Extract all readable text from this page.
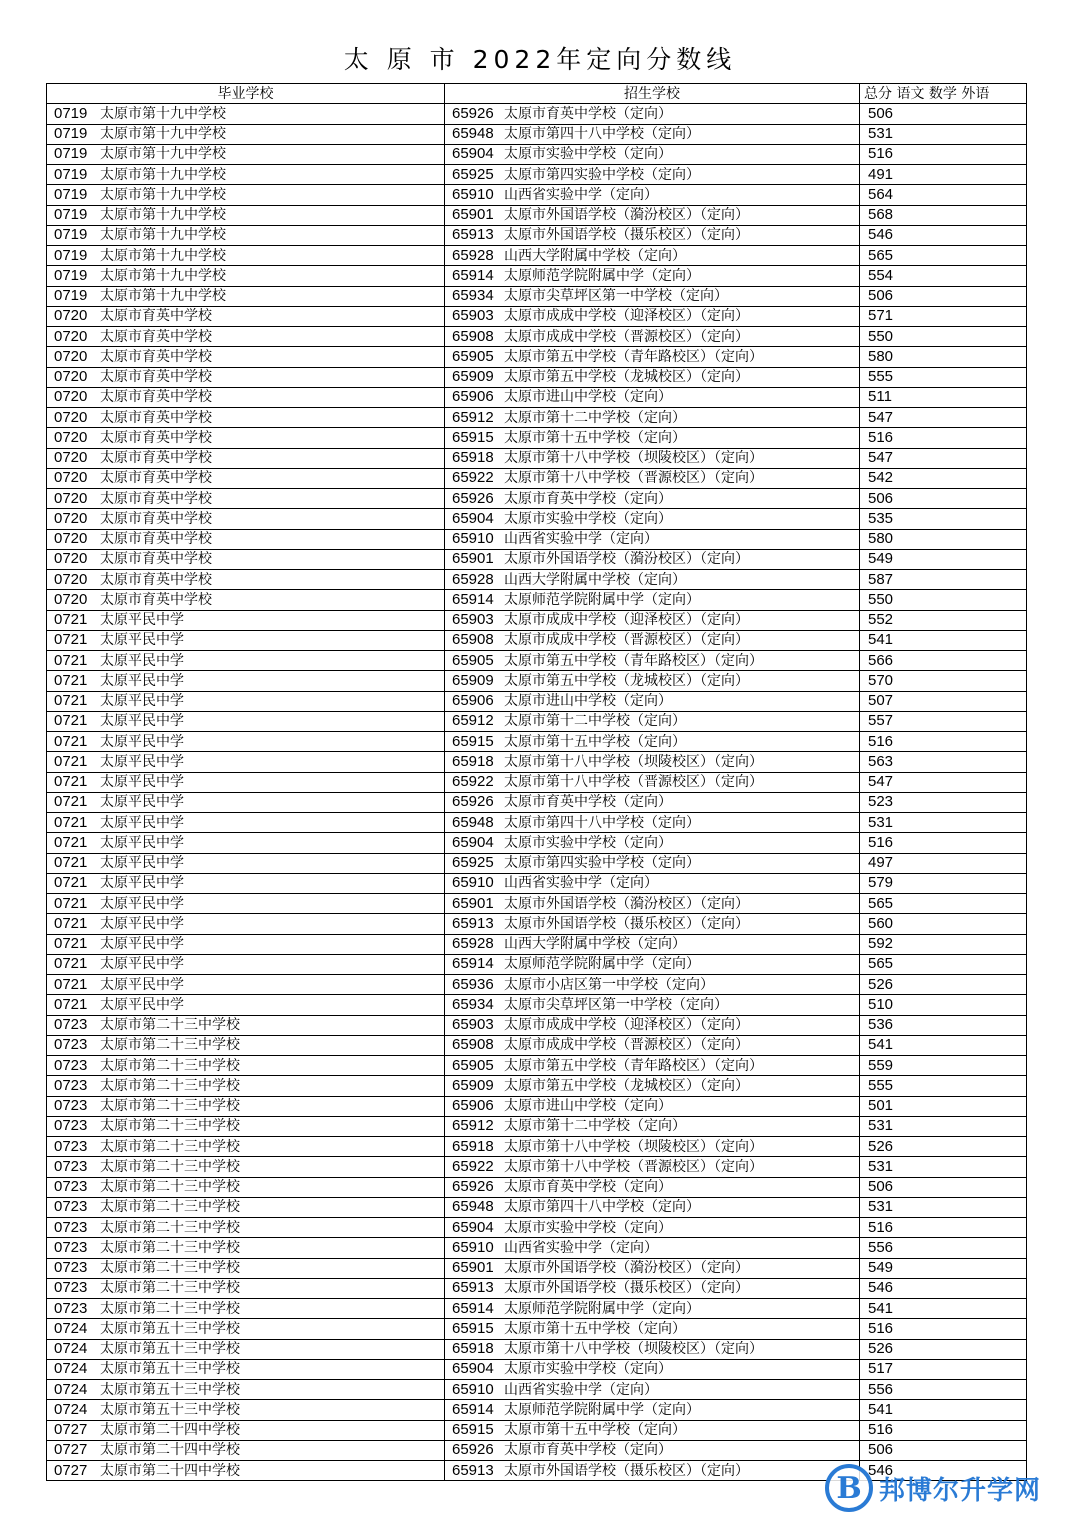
太 原 市 2022年定向分数线
毕业学校	招生学校	总分 语文 数学 外语
0719 太原市第十九中学校	65926 太原市育英中学校（定向）	506
0719 太原市第十九中学校	65948 太原市第四十八中学校（定向）	531
0719 太原市第十九中学校	65904 太原市实验中学校（定向）	516
0719 太原市第十九中学校	65925 太原市第四实验中学校（定向）	491
0719 太原市第十九中学校	65910 山西省实验中学（定向）	564
0719 太原市第十九中学校	65901 太原市外国语学校（漪汾校区）（定向）	568
0719 太原市第十九中学校	65913 太原市外国语学校（摄乐校区）（定向）	546
0719 太原市第十九中学校	65928 山西大学附属中学校（定向）	565
0719 太原市第十九中学校	65914 太原师范学院附属中学（定向）	554
0719 太原市第十九中学校	65934 太原市尖草坪区第一中学校（定向）	506
0720 太原市育英中学校	65903 太原市成成中学校（迎泽校区）（定向）	571
0720 太原市育英中学校	65908 太原市成成中学校（晋源校区）（定向）	550
0720 太原市育英中学校	65905 太原市第五中学校（青年路校区）（定向）	580
0720 太原市育英中学校	65909 太原市第五中学校（龙城校区）（定向）	555
0720 太原市育英中学校	65906 太原市进山中学校（定向）	511
0720 太原市育英中学校	65912 太原市第十二中学校（定向）	547
0720 太原市育英中学校	65915 太原市第十五中学校（定向）	516
0720 太原市育英中学校	65918 太原市第十八中学校（坝陵校区）（定向）	547
0720 太原市育英中学校	65922 太原市第十八中学校（晋源校区）（定向）	542
0720 太原市育英中学校	65926 太原市育英中学校（定向）	506
0720 太原市育英中学校	65904 太原市实验中学校（定向）	535
0720 太原市育英中学校	65910 山西省实验中学（定向）	580
0720 太原市育英中学校	65901 太原市外国语学校（漪汾校区）（定向）	549
0720 太原市育英中学校	65928 山西大学附属中学校（定向）	587
0720 太原市育英中学校	65914 太原师范学院附属中学（定向）	550
0721 太原平民中学	65903 太原市成成中学校（迎泽校区）（定向）	552
0721 太原平民中学	65908 太原市成成中学校（晋源校区）（定向）	541
0721 太原平民中学	65905 太原市第五中学校（青年路校区）（定向）	566
0721 太原平民中学	65909 太原市第五中学校（龙城校区）（定向）	570
0721 太原平民中学	65906 太原市进山中学校（定向）	507
0721 太原平民中学	65912 太原市第十二中学校（定向）	557
0721 太原平民中学	65915 太原市第十五中学校（定向）	516
0721 太原平民中学	65918 太原市第十八中学校（坝陵校区）（定向）	563
0721 太原平民中学	65922 太原市第十八中学校（晋源校区）（定向）	547
0721 太原平民中学	65926 太原市育英中学校（定向）	523
0721 太原平民中学	65948 太原市第四十八中学校（定向）	531
0721 太原平民中学	65904 太原市实验中学校（定向）	516
0721 太原平民中学	65925 太原市第四实验中学校（定向）	497
0721 太原平民中学	65910 山西省实验中学（定向）	579
0721 太原平民中学	65901 太原市外国语学校（漪汾校区）（定向）	565
0721 太原平民中学	65913 太原市外国语学校（摄乐校区）（定向）	560
0721 太原平民中学	65928 山西大学附属中学校（定向）	592
0721 太原平民中学	65914 太原师范学院附属中学（定向）	565
0721 太原平民中学	65936 太原市小店区第一中学校（定向）	526
0721 太原平民中学	65934 太原市尖草坪区第一中学校（定向）	510
0723 太原市第二十三中学校	65903 太原市成成中学校（迎泽校区）（定向）	536
0723 太原市第二十三中学校	65908 太原市成成中学校（晋源校区）（定向）	541
0723 太原市第二十三中学校	65905 太原市第五中学校（青年路校区）（定向）	559
0723 太原市第二十三中学校	65909 太原市第五中学校（龙城校区）（定向）	555
0723 太原市第二十三中学校	65906 太原市进山中学校（定向）	501
0723 太原市第二十三中学校	65912 太原市第十二中学校（定向）	531
0723 太原市第二十三中学校	65918 太原市第十八中学校（坝陵校区）（定向）	526
0723 太原市第二十三中学校	65922 太原市第十八中学校（晋源校区）（定向）	531
0723 太原市第二十三中学校	65926 太原市育英中学校（定向）	506
0723 太原市第二十三中学校	65948 太原市第四十八中学校（定向）	531
0723 太原市第二十三中学校	65904 太原市实验中学校（定向）	516
0723 太原市第二十三中学校	65910 山西省实验中学（定向）	556
0723 太原市第二十三中学校	65901 太原市外国语学校（漪汾校区）（定向）	549
0723 太原市第二十三中学校	65913 太原市外国语学校（摄乐校区）（定向）	546
0723 太原市第二十三中学校	65914 太原师范学院附属中学（定向）	541
0724 太原市第五十三中学校	65915 太原市第十五中学校（定向）	516
0724 太原市第五十三中学校	65918 太原市第十八中学校（坝陵校区）（定向）	526
0724 太原市第五十三中学校	65904 太原市实验中学校（定向）	517
0724 太原市第五十三中学校	65910 山西省实验中学（定向）	556
0724 太原市第五十三中学校	65914 太原师范学院附属中学（定向）	541
0727 太原市第二十四中学校	65915 太原市第十五中学校（定向）	516
0727 太原市第二十四中学校	65926 太原市育英中学校（定向）	506
0727 太原市第二十四中学校	65913 太原市外国语学校（摄乐校区）（定向）	546
B 邦博尔升学网
